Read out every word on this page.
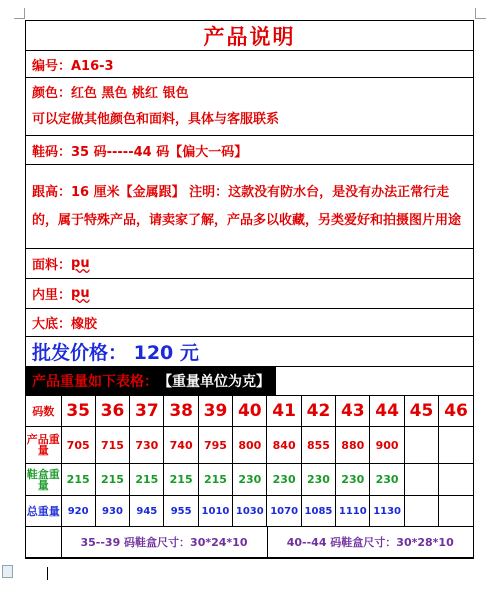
产品说明
编号：A16-3
颜色：红色 黑色 桃红 银色
可以定做其他颜色和面料，具体与客服联系
鞋码：35 码-----44 码【偏大一码】
跟高：16 厘米【金属跟】 注明：这款没有防水台，是没有办法正常行走的，属于特殊产品，请卖家了解，产品多以收藏，另类爱好和拍摄图片用途
面料： pu
内里： pu
大底：橡胶
批发价格： 120 元
产品重量如下表格： 【重量单位为克】
码数	35	36	37	38	39	40	41	42	43	44	45	46
产品重量	705	715	730	740	795	800	840	855	880	900		
鞋盒重量	215	215	215	215	215	230	230	230	230	230		
总重量	920	930	945	955	1010	1030	1070	1085	1110	1130		
	35--39 码鞋盒尺寸：30*24*10	40--44 码鞋盒尺寸：30*28*10
